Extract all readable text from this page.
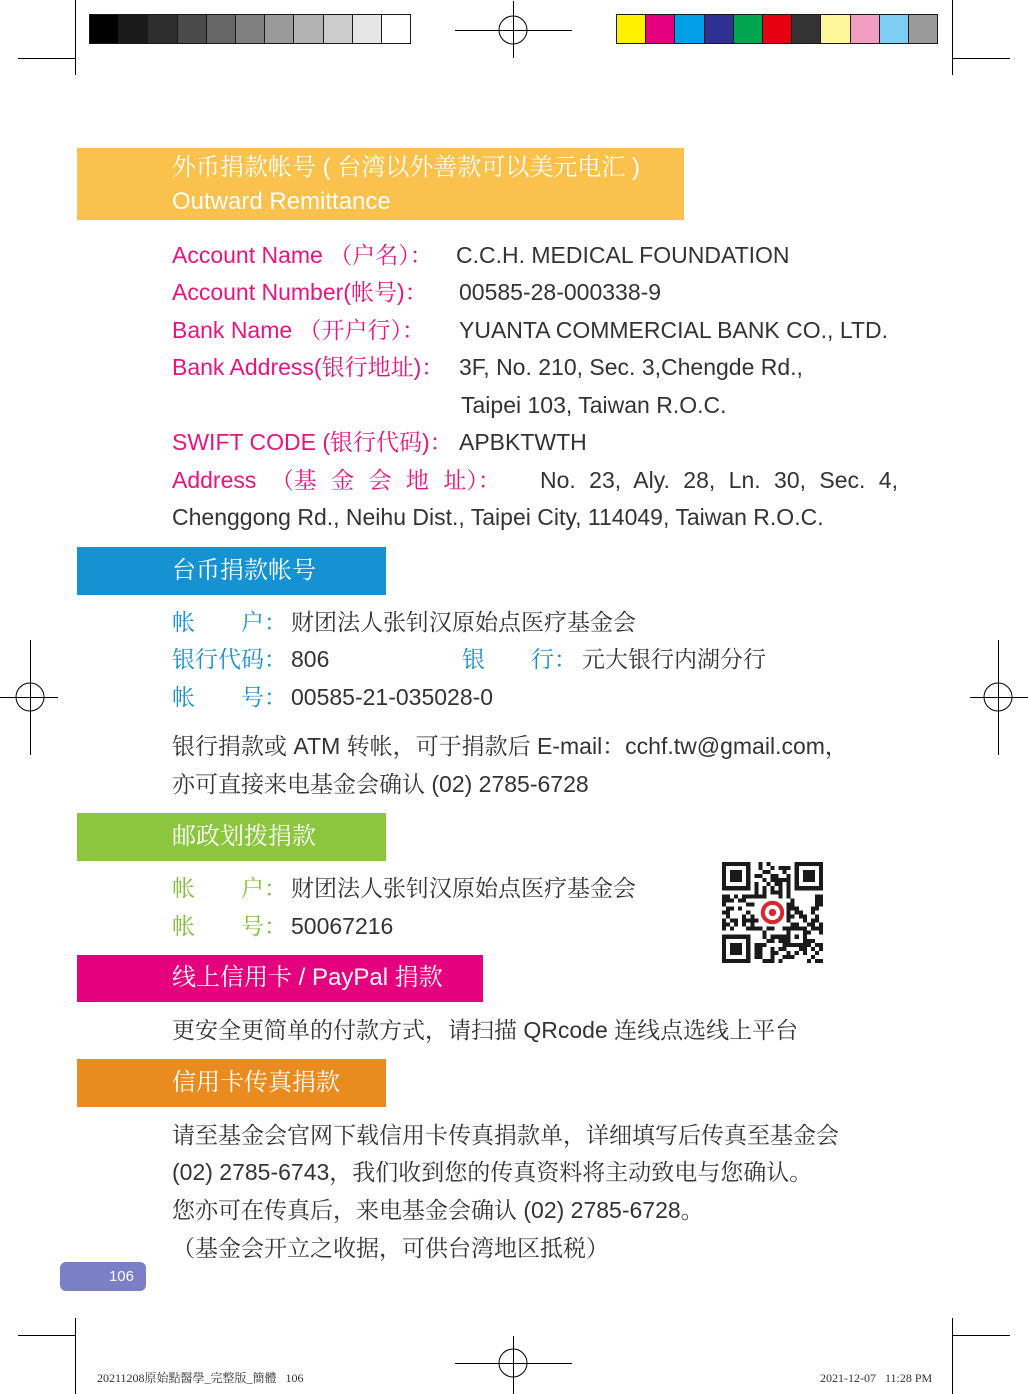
外币捐款帐号 ( 台湾以外善款可以美元电汇 )
Outward Remittance
Account Name （户名）： C.C.H. MEDICAL FOUNDATION
Account Number(帐号)： 00585-28-000338-9
Bank Name （开户行）： YUANTA COMMERCIAL BANK CO., LTD.
Bank Address(银行地址)： 3F, No. 210, Sec. 3,Chengde Rd.,
Taipei 103, Taiwan R.O.C.
SWIFT CODE (银行代码)： APBKTWTH
Address （基 金 会 地 址）： No. 23, Aly. 28, Ln. 30, Sec. 4,
Chenggong Rd., Neihu Dist., Taipei City, 114049, Taiwan R.O.C.
台币捐款帐号
帐　　户： 财团法人张钊汉原始点医疗基金会
银行代码： 806	银　　行： 元大银行内湖分行
帐　　号： 00585-21-035028-0
银行捐款或 ATM 转帐，可于捐款后 E-mail：cchf.tw@gmail.com，
亦可直接来电基金会确认 (02) 2785-6728
邮政划拨捐款
帐　　户： 财团法人张钊汉原始点医疗基金会
帐　　号： 50067216
线上信用卡 / PayPal 捐款
更安全更简单的付款方式，请扫描 QRcode 连线点选线上平台
信用卡传真捐款
请至基金会官网下载信用卡传真捐款单，详细填写后传真至基金会
(02) 2785-6743，我们收到您的传真资料将主动致电与您确认。
您亦可在传真后，来电基金会确认 (02) 2785-6728。
（基金会开立之收据，可供台湾地区抵税）
106
20211208原始點醫學_完整版_簡體   106	2021-12-07   11:28 PM
